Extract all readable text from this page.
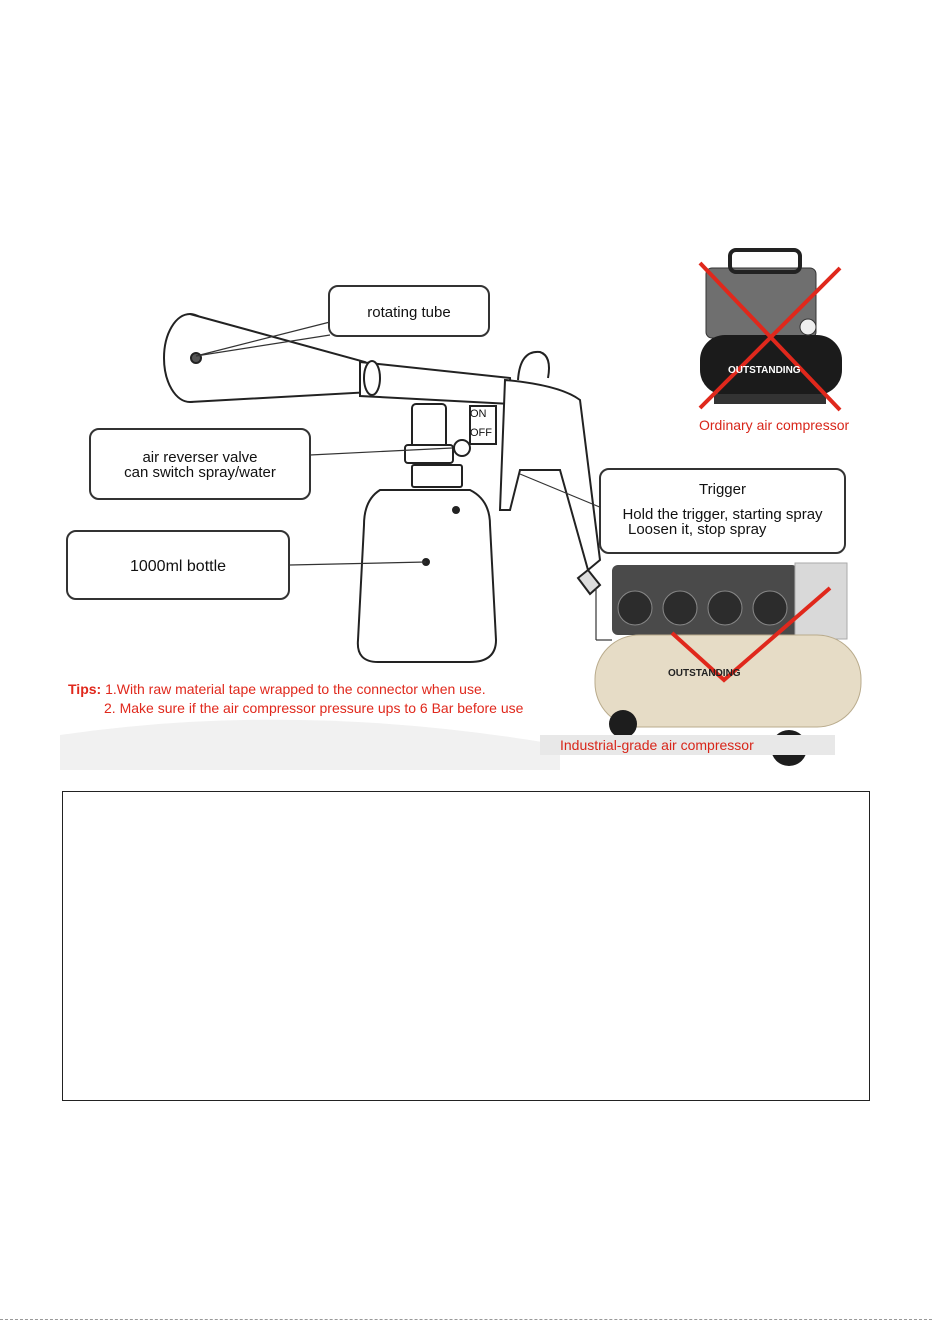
rotating tube
air reverser valve
can switch spray/water
1000ml bottle
Trigger
Hold the trigger, starting spray
Loosen it, stop spray
ON
OFF	Ordinary air compressor
Industrial-grade air compressor
OUTSTANDING
OUTSTANDING
Tips: 1.With raw material tape wrapped to the connector when use.
2. Make sure if the air compressor pressure ups to 6 Bar before use
